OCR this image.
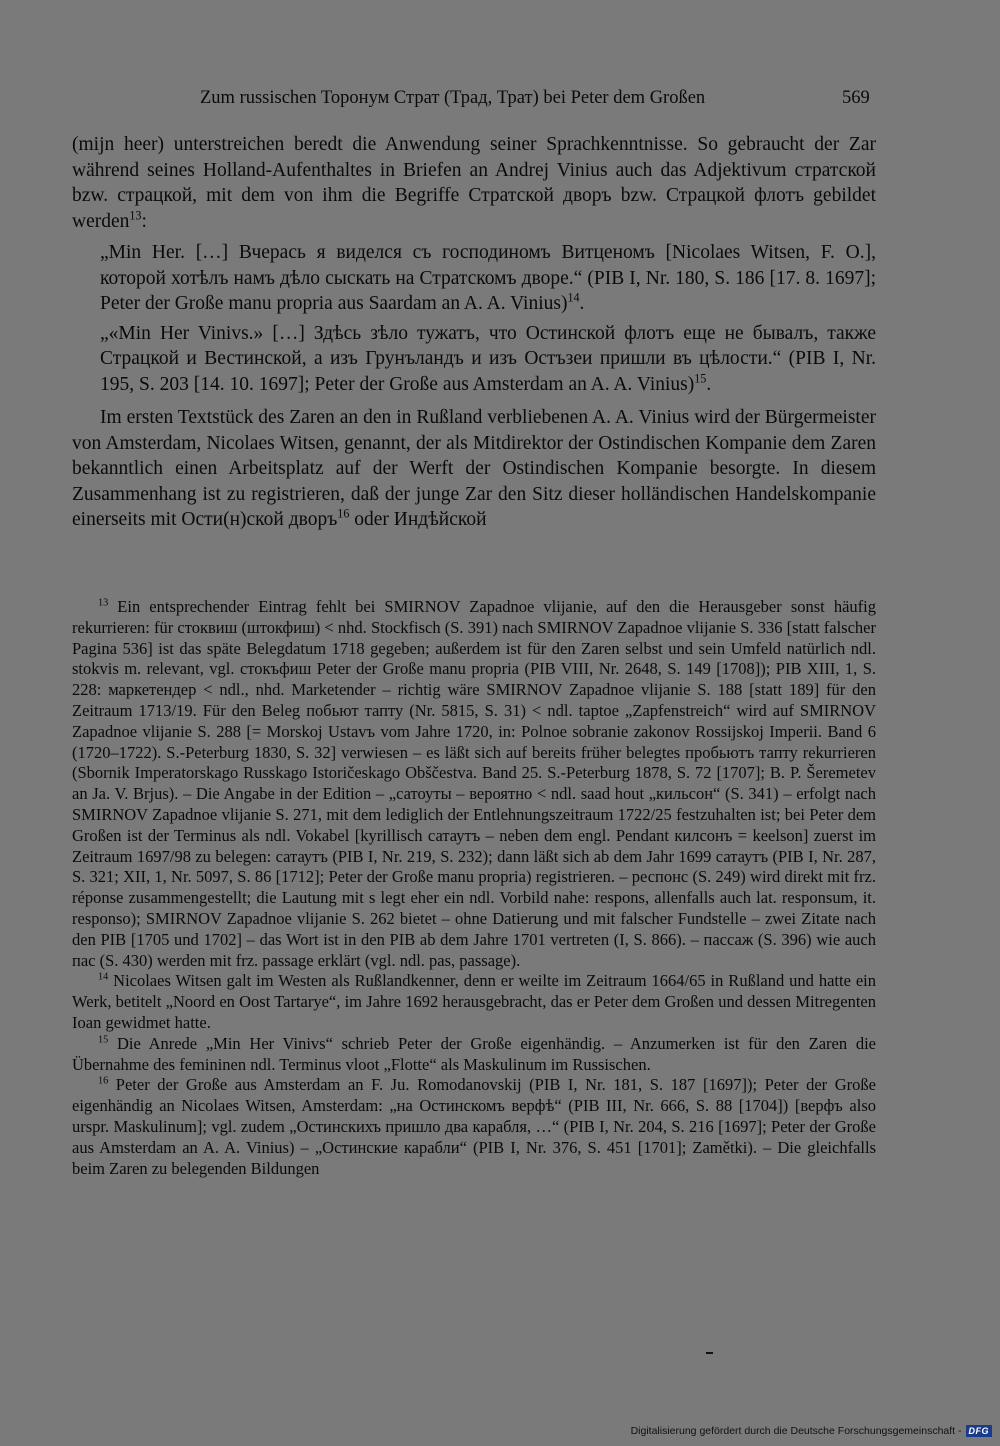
Zum russischen Topонум Страт (Трад, Трат) bei Peter dem Großen	569

(mijn heer) unterstreichen beredt die Anwendung seiner Sprachkenntnisse. So gebraucht der Zar während seines Holland-Aufenthaltes in Briefen an Andrej Vinius auch das Adjektivum стратской bzw. страцкой, mit dem von ihm die Begriffe Стратской дворъ bzw. Страцкой флотъ gebildet werden$^{13}$:

„Min Her. […] Вчерась я виделся съ господиномъ Витценомъ [Nicolaes Witsen, F. O.], которой хотѣлъ намъ дѣло сыскать на Стратскомъ дворе.“ (PIB I, Nr. 180, S. 186 [17. 8. 1697]; Peter der Große manu propria aus Saardam an A. A. Vinius)$^{14}$.

„«Min Her Vinivs.» […] Здѣсь зѣло тужатъ, что Остинской флотъ еще не бывалъ, также Страцкой и Вестинской, а изъ Грунъландъ и изъ Остъзеи пришли въ цѣлости.“ (PIB I, Nr. 195, S. 203 [14. 10. 1697]; Peter der Große aus Amsterdam an A. A. Vinius)$^{15}$.

Im ersten Textstück des Zaren an den in Rußland verbliebenen A. A. Vinius wird der Bürgermeister von Amsterdam, Nicolaes Witsen, genannt, der als Mitdirektor der Ostindischen Kompanie dem Zaren bekanntlich einen Arbeitsplatz auf der Werft der Ostindischen Kompanie besorgte. In diesem Zusammenhang ist zu registrieren, daß der junge Zar den Sitz dieser holländischen Handelskompanie einerseits mit Ости(н)ской дворъ$^{16}$ oder Индѣйской

$^{13}$ Ein entsprechender Eintrag fehlt bei SMIRNOV Zapadnoe vlijanie, auf den die Herausgeber sonst häufig rekurrieren: für стоквиш (штокфиш) < nhd. Stockfisch (S. 391) nach SMIRNOV Zapadnoe vlijanie S. 336 [statt falscher Pagina 536] ist das späte Belegdatum 1718 gegeben; außerdem ist für den Zaren selbst und sein Umfeld natürlich ndl. stokvis m. relevant, vgl. стокъфиш Peter der Große manu propria (PIB VIII, Nr. 2648, S. 149 [1708]); PIB XIII, 1, S. 228: маркетендер < ndl., nhd. Marketender – richtig wäre SMIRNOV Zapadnoe vlijanie S. 188 [statt 189] für den Zeitraum 1713/19. Für den Beleg побьют тапту (Nr. 5815, S. 31) < ndl. taptoe „Zapfenstreich“ wird auf SMIRNOV Zapadnoe vlijanie S. 288 [= Morskoj Ustavъ vom Jahre 1720, in: Polnoe sobranie zakonov Rossijskoj Imperii. Band 6 (1720–1722). S.-Peterburg 1830, S. 32] verwiesen – es läßt sich auf bereits früher belegtes пробьютъ тапту rekurrieren (Sbornik Imperatorskago Russkago Istoričeskago Obščestva. Band 25. S.-Peterburg 1878, S. 72 [1707]; B. P. Šeremetev an Ja. V. Brjus). – Die Angabe in der Edition – „сатоуты – вероятно < ndl. saad hout „кильсон“ (S. 341) – erfolgt nach SMIRNOV Zapadnoe vlijanie S. 271, mit dem lediglich der Entlehnungszeitraum 1722/25 festzuhalten ist; bei Peter dem Großen ist der Terminus als ndl. Vokabel [kyrillisch сатаутъ – neben dem engl. Pendant килсонъ = keelson] zuerst im Zeitraum 1697/98 zu belegen: сатаутъ (PIB I, Nr. 219, S. 232); dann läßt sich ab dem Jahr 1699 сатаутъ (PIB I, Nr. 287, S. 321; XII, 1, Nr. 5097, S. 86 [1712]; Peter der Große manu propria) registrieren. – респонс (S. 249) wird direkt mit frz. réponse zusammengestellt; die Lautung mit s legt eher ein ndl. Vorbild nahe: respons, allenfalls auch lat. responsum, it. responso); SMIRNOV Zapadnoe vlijanie S. 262 bietet – ohne Datierung und mit falscher Fundstelle – zwei Zitate nach den PIB [1705 und 1702] – das Wort ist in den PIB ab dem Jahre 1701 vertreten (I, S. 866). – пассаж (S. 396) wie auch пас (S. 430) werden mit frz. passage erklärt (vgl. ndl. pas, passage).

$^{14}$ Nicolaes Witsen galt im Westen als Rußlandkenner, denn er weilte im Zeitraum 1664/65 in Rußland und hatte ein Werk, betitelt „Noord en Oost Tartarye“, im Jahre 1692 herausgebracht, das er Peter dem Großen und dessen Mitregenten Ioan gewidmet hatte.

$^{15}$ Die Anrede „Min Her Vinivs“ schrieb Peter der Große eigenhändig. – Anzumerken ist für den Zaren die Übernahme des femininen ndl. Terminus vloot „Flotte“ als Maskulinum im Russischen.

$^{16}$ Peter der Große aus Amsterdam an F. Ju. Romodanovskij (PIB I, Nr. 181, S. 187 [1697]); Peter der Große eigenhändig an Nicolaes Witsen, Amsterdam: „на Остинскомъ верфѣ“ (PIB III, Nr. 666, S. 88 [1704]) [верфъ also urspr. Maskulinum]; vgl. zudem „Остинскихъ пришло два карабля, …“ (PIB I, Nr. 204, S. 216 [1697]; Peter der Große aus Amsterdam an A. A. Vinius) – „Остинские карабли“ (PIB I, Nr. 376, S. 451 [1701]; Zamětki). – Die gleichfalls beim Zaren zu belegenden Bildungen

Digitalisierung gefördert durch die Deutsche Forschungsgemeinschaft - DFG
